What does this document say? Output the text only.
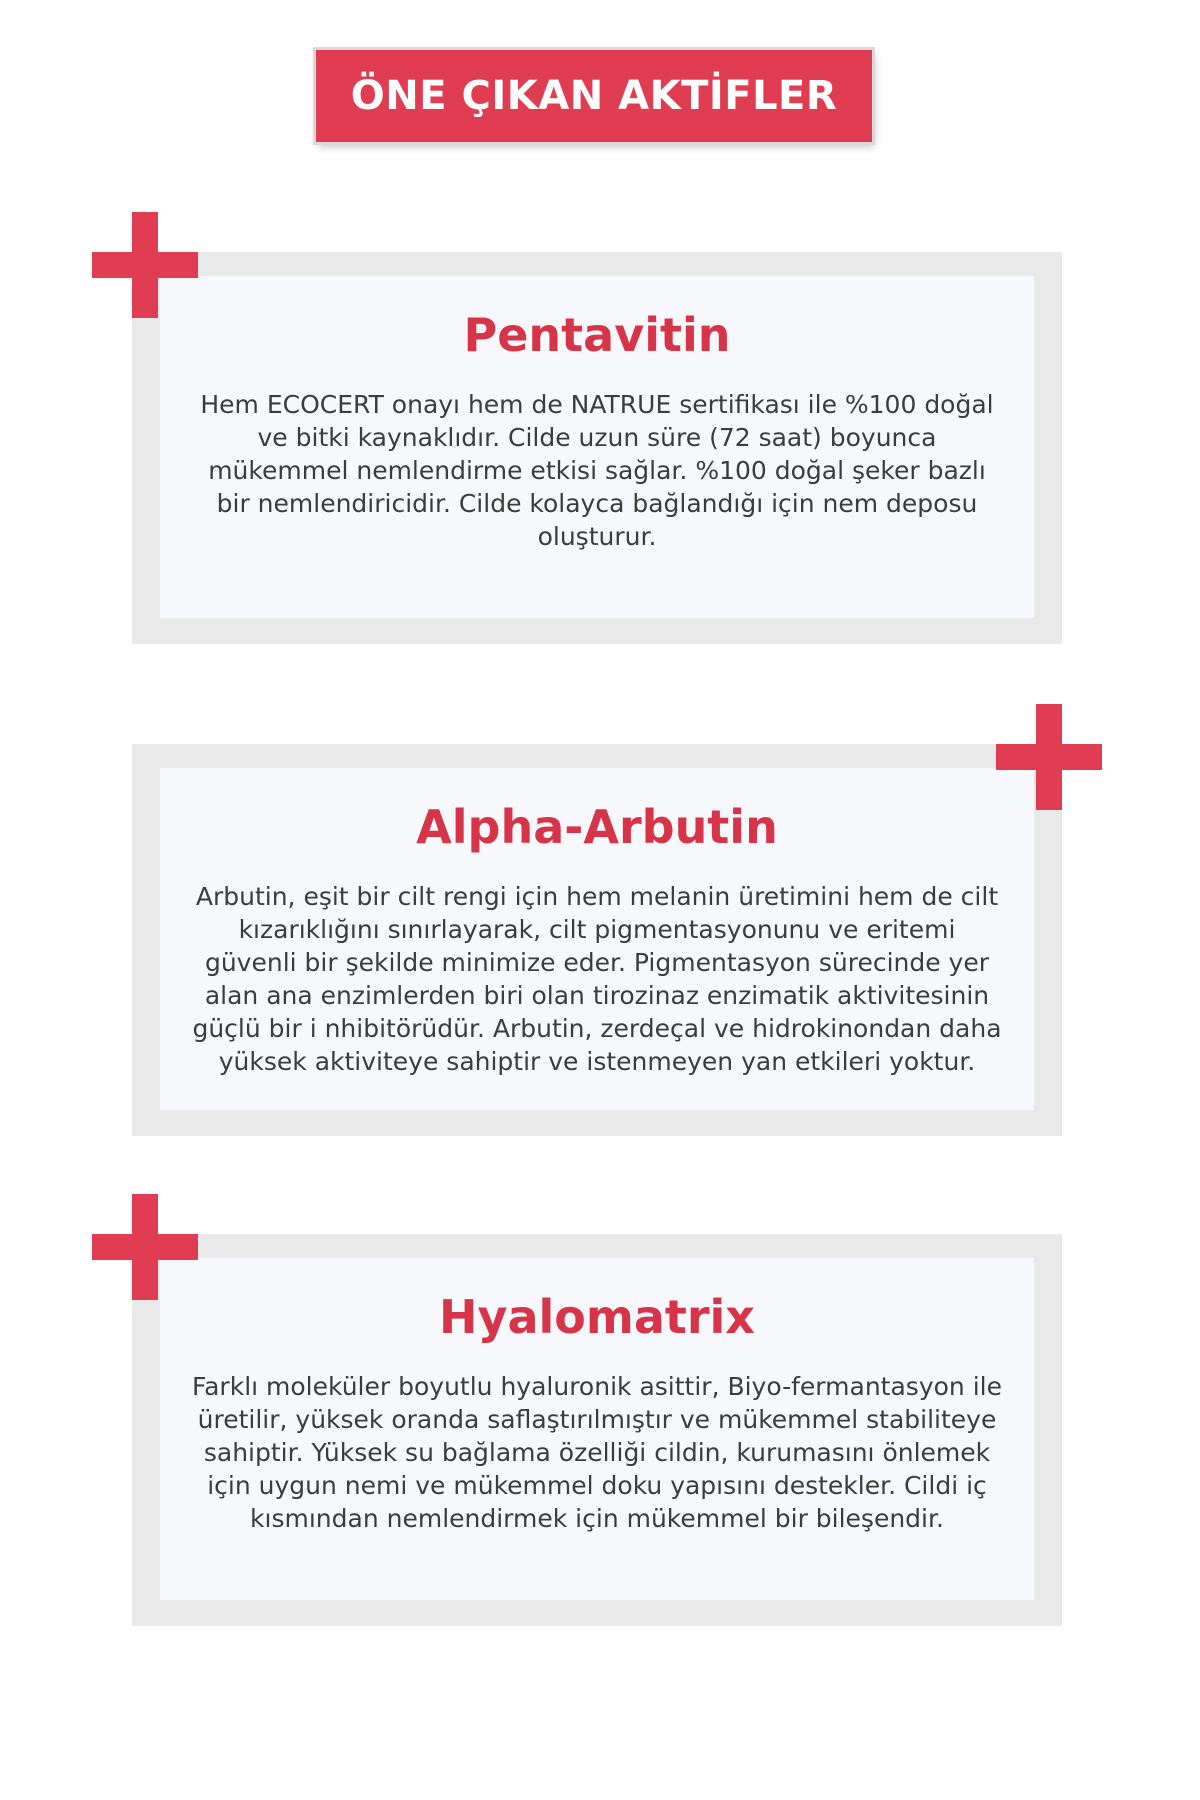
ÖNE ÇIKAN AKTİFLER
Pentavitin
Hem ECOCERT onayı hem de NATRUE sertifikası ile %100 doğal ve bitki kaynaklıdır. Cilde uzun süre (72 saat) boyunca mükemmel nemlendirme etkisi sağlar. %100 doğal şeker bazlı bir nemlendiricidir. Cilde kolayca bağlandığı için nem deposu oluşturur.
Alpha-Arbutin
Arbutin, eşit bir cilt rengi için hem melanin üretimini hem de cilt kızarıklığını sınırlayarak, cilt pigmentasyonunu ve eritemi güvenli bir şekilde minimize eder. Pigmentasyon sürecinde yer alan ana enzimlerden biri olan tirozinaz enzimatik aktivitesinin güçlü bir i nhibitörüdür. Arbutin, zerdeçal ve hidrokinondan daha yüksek aktiviteye sahiptir ve istenmeyen yan etkileri yoktur.
Hyalomatrix
Farklı moleküler boyutlu hyaluronik asittir, Biyo-fermantasyon ile üretilir, yüksek oranda saflaştırılmıştır ve mükemmel stabiliteye sahiptir. Yüksek su bağlama özelliği cildin, kurumasını önlemek için uygun nemi ve mükemmel doku yapısını destekler. Cildi iç kısmından nemlendirmek için mükemmel bir bileşendir.
